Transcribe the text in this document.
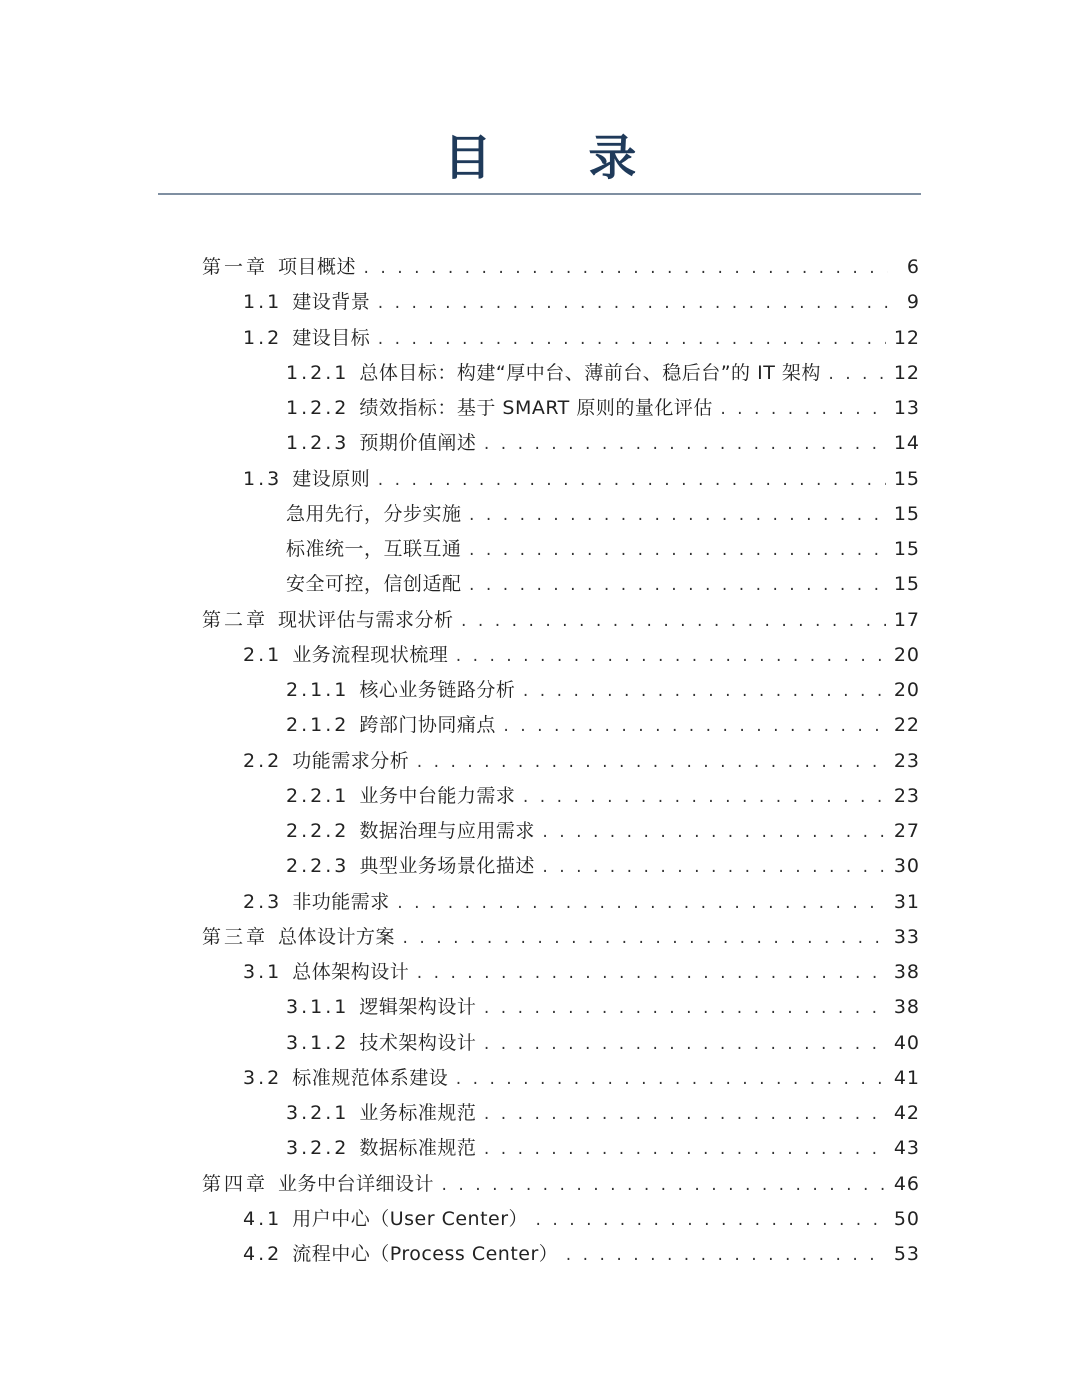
目 录
第一章 项目概述 . . .	6
1.1 建设背景 . . .	9
1.2 建设目标 . . .	12
1.2.1 总体目标：构建“厚中台、薄前台、稳后台”的 IT 架构 . . .	12
1.2.2 绩效指标：基于 SMART 原则的量化评估 . . .	13
1.2.3 预期价值阐述 . . .	14
1.3 建设原则 . . .	15
急用先行，分步实施 . . .	15
标准统一，互联互通 . . .	15
安全可控，信创适配 . . .	15
第二章 现状评估与需求分析 . . .	17
2.1 业务流程现状梳理 . . .	20
2.1.1 核心业务链路分析 . . .	20
2.1.2 跨部门协同痛点 . . .	22
2.2 功能需求分析 . . .	23
2.2.1 业务中台能力需求 . . .	23
2.2.2 数据治理与应用需求 . . .	27
2.2.3 典型业务场景化描述 . . .	30
2.3 非功能需求 . . .	31
第三章 总体设计方案 . . .	33
3.1 总体架构设计 . . .	38
3.1.1 逻辑架构设计 . . .	38
3.1.2 技术架构设计 . . .	40
3.2 标准规范体系建设 . . .	41
3.2.1 业务标准规范 . . .	42
3.2.2 数据标准规范 . . .	43
第四章 业务中台详细设计 . . .	46
4.1 用户中心（User Center） . . .	50
4.2 流程中心（Process Center） . . .	53
